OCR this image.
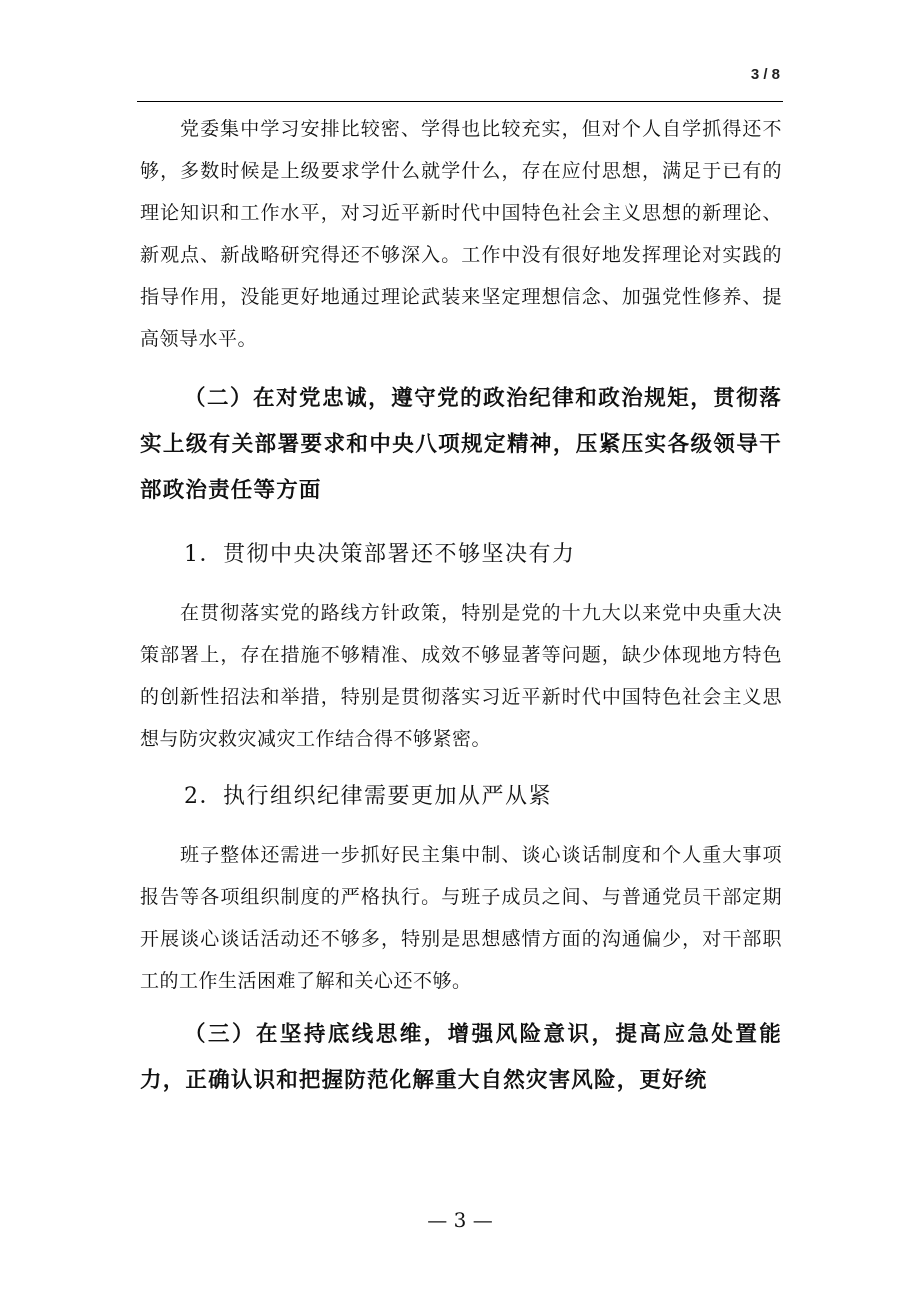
3 / 8

党委集中学习安排比较密、学得也比较充实，但对个人自学抓得还不够，多数时候是上级要求学什么就学什么，存在应付思想，满足于已有的理论知识和工作水平，对习近平新时代中国特色社会主义思想的新理论、新观点、新战略研究得还不够深入。工作中没有很好地发挥理论对实践的指导作用，没能更好地通过理论武装来坚定理想信念、加强党性修养、提高领导水平。

（二）在对党忠诚，遵守党的政治纪律和政治规矩，贯彻落实上级有关部署要求和中央八项规定精神，压紧压实各级领导干部政治责任等方面

1．贯彻中央决策部署还不够坚决有力

在贯彻落实党的路线方针政策，特别是党的十九大以来党中央重大决策部署上，存在措施不够精准、成效不够显著等问题，缺少体现地方特色的创新性招法和举措，特别是贯彻落实习近平新时代中国特色社会主义思想与防灾救灾减灾工作结合得不够紧密。

2．执行组织纪律需要更加从严从紧

班子整体还需进一步抓好民主集中制、谈心谈话制度和个人重大事项报告等各项组织制度的严格执行。与班子成员之间、与普通党员干部定期开展谈心谈话活动还不够多，特别是思想感情方面的沟通偏少，对干部职工的工作生活困难了解和关心还不够。

（三）在坚持底线思维，增强风险意识，提高应急处置能力，正确认识和把握防范化解重大自然灾害风险，更好统

— 3 —
